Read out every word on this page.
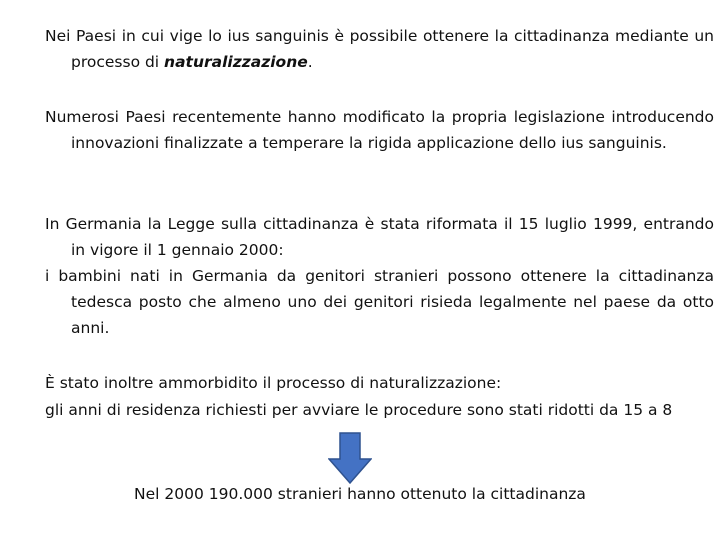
Nei Paesi in cui vige lo ius sanguinis è possibile ottenere la cittadinanza mediante un processo di naturalizzazione.

Numerosi Paesi recentemente hanno modificato la propria legislazione introducendo innovazioni finalizzate a temperare la rigida applicazione dello ius sanguinis.

In Germania la Legge sulla cittadinanza è stata riformata il 15 luglio 1999, entrando in vigore il 1 gennaio 2000:

i bambini nati in Germania da genitori stranieri possono ottenere la cittadinanza tedesca posto che almeno uno dei genitori risieda legalmente nel paese da otto anni.

È stato inoltre ammorbidito il processo di naturalizzazione:

gli anni di residenza richiesti per avviare le procedure sono stati ridotti da 15 a 8

Nel 2000 190.000 stranieri hanno ottenuto la cittadinanza
